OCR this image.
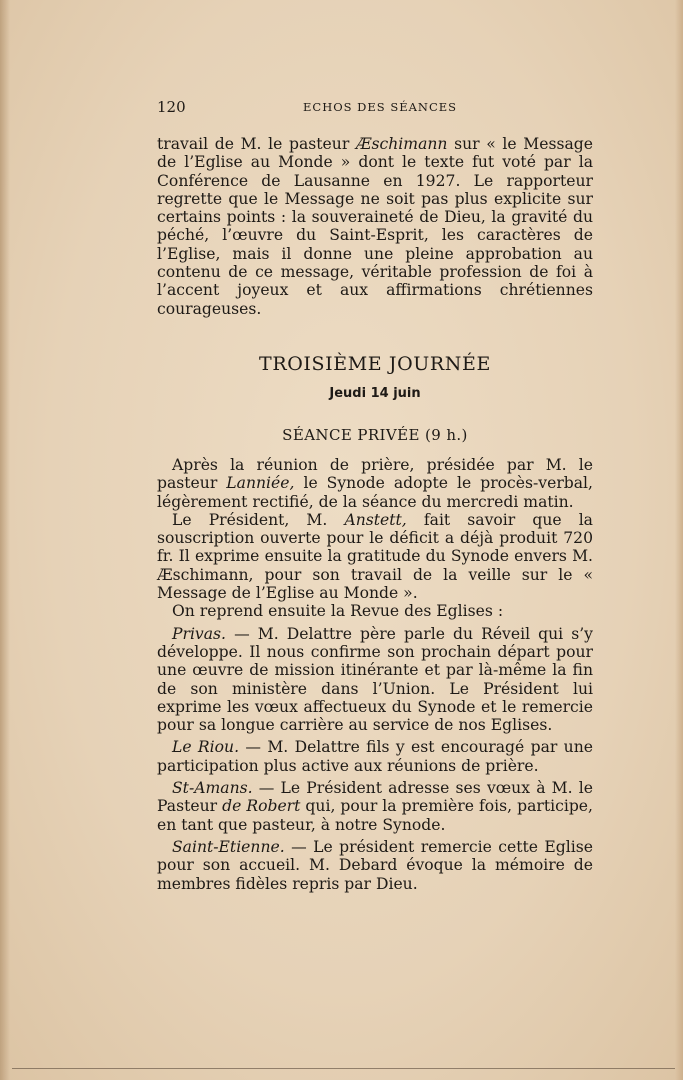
120	ECHOS DES SÉANCES

travail de M. le pasteur Æschimann sur « le Message de l’Eglise au Monde » dont le texte fut voté par la Conférence de Lausanne en 1927. Le rapporteur regrette que le Message ne soit pas plus explicite sur certains points : la souveraineté de Dieu, la gravité du péché, l’œuvre du Saint-Esprit, les caractères de l’Eglise, mais il donne une pleine approbation au contenu de ce message, véritable profession de foi à l’accent joyeux et aux affirmations chrétiennes courageuses.

TROISIÈME JOURNÉE
Jeudi 14 juin
SÉANCE PRIVÉE (9 h.)

Après la réunion de prière, présidée par M. le pasteur Lanniée, le Synode adopte le procès-verbal, légèrement rectifié, de la séance du mercredi matin.

Le Président, M. Anstett, fait savoir que la souscription ouverte pour le déficit a déjà produit 720 fr. Il exprime ensuite la gratitude du Synode envers M. Æschimann, pour son travail de la veille sur le « Message de l’Eglise au Monde ».

On reprend ensuite la Revue des Eglises :

Privas. — M. Delattre père parle du Réveil qui s’y développe. Il nous confirme son prochain départ pour une œuvre de mission itinérante et par là-même la fin de son ministère dans l’Union. Le Président lui exprime les vœux affectueux du Synode et le remercie pour sa longue carrière au service de nos Eglises.

Le Riou. — M. Delattre fils y est encouragé par une participation plus active aux réunions de prière.

St-Amans. — Le Président adresse ses vœux à M. le Pasteur de Robert qui, pour la première fois, participe, en tant que pasteur, à notre Synode.

Saint-Etienne. — Le président remercie cette Eglise pour son accueil. M. Debard évoque la mémoire de membres fidèles repris par Dieu.
